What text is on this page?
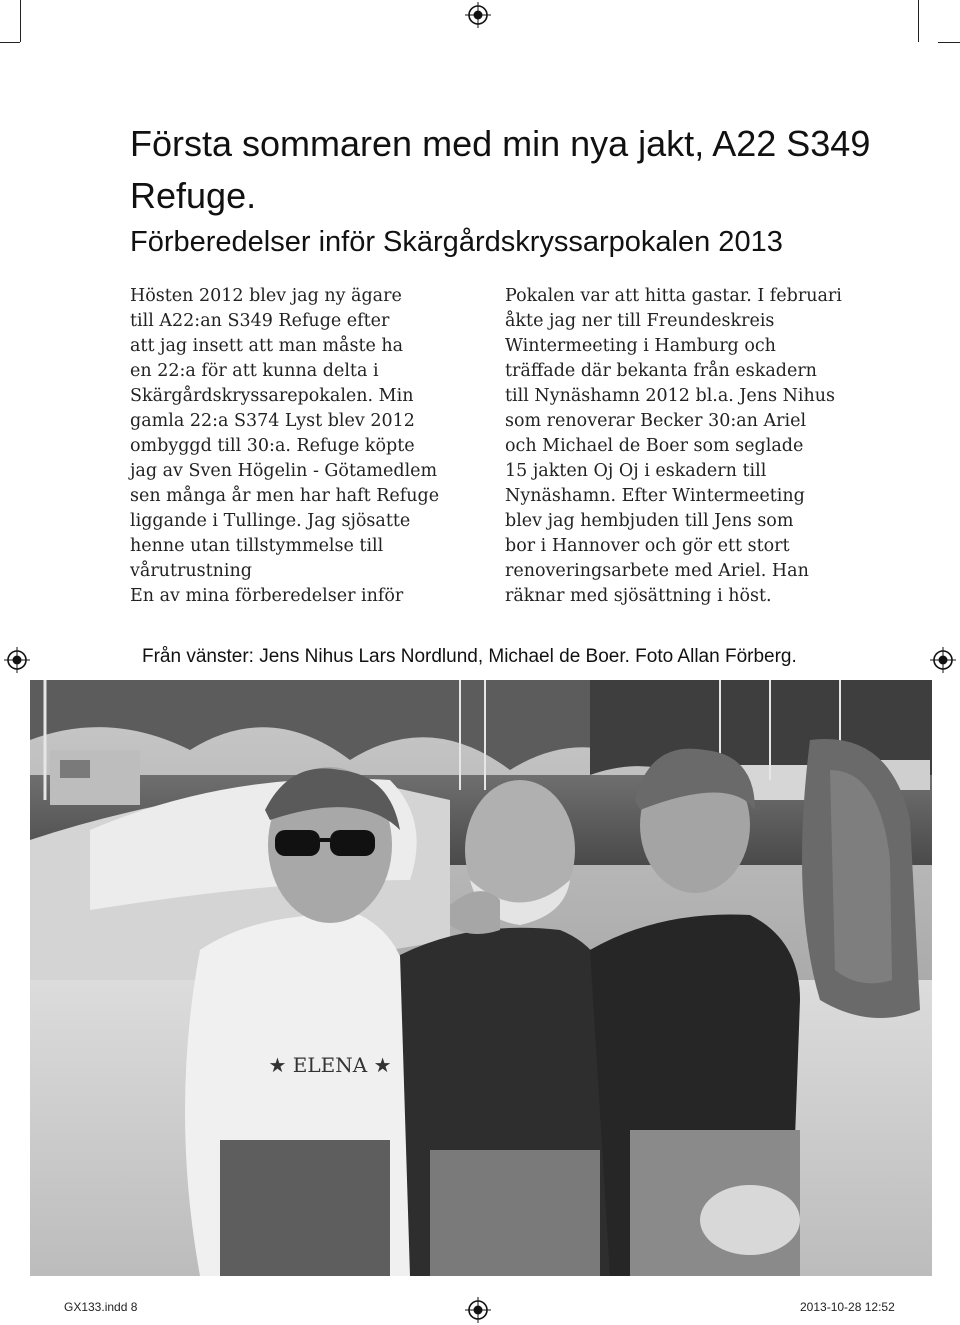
Första sommaren med min nya jakt, A22 S349 Refuge.
Förberedelser inför Skärgårdskryssarpokalen 2013
Hösten 2012 blev jag ny ägare
till A22:an S349 Refuge efter
att jag insett att man måste ha
en 22:a för att kunna delta i
Skärgårdskryssarepokalen. Min
gamla 22:a S374 Lyst blev 2012
ombyggd till 30:a. Refuge köpte
jag av Sven Högelin - Götamedlem
sen många år men har haft Refuge
liggande i Tullinge. Jag sjösatte
henne utan tillstymmelse till
vårutrustning
En av mina förberedelser inför
Pokalen var att hitta gastar. I februari
åkte jag ner till Freundeskreis
Wintermeeting i Hamburg och
träffade där bekanta från eskadern
till Nynäshamn 2012 bl.a. Jens Nihus
som renoverar Becker 30:an Ariel
och Michael de Boer som seglade
15 jakten Oj Oj i eskadern till
Nynäshamn. Efter Wintermeeting
blev jag hembjuden till Jens som
bor i Hannover och gör ett stort
renoveringsarbete med Ariel. Han
räknar med sjösättning i höst.
Från vänster: Jens Nihus Lars Nordlund, Michael de Boer. Foto Allan Förberg.
★ ELENA ★
GX133.indd 8	2013-10-28 12:52
